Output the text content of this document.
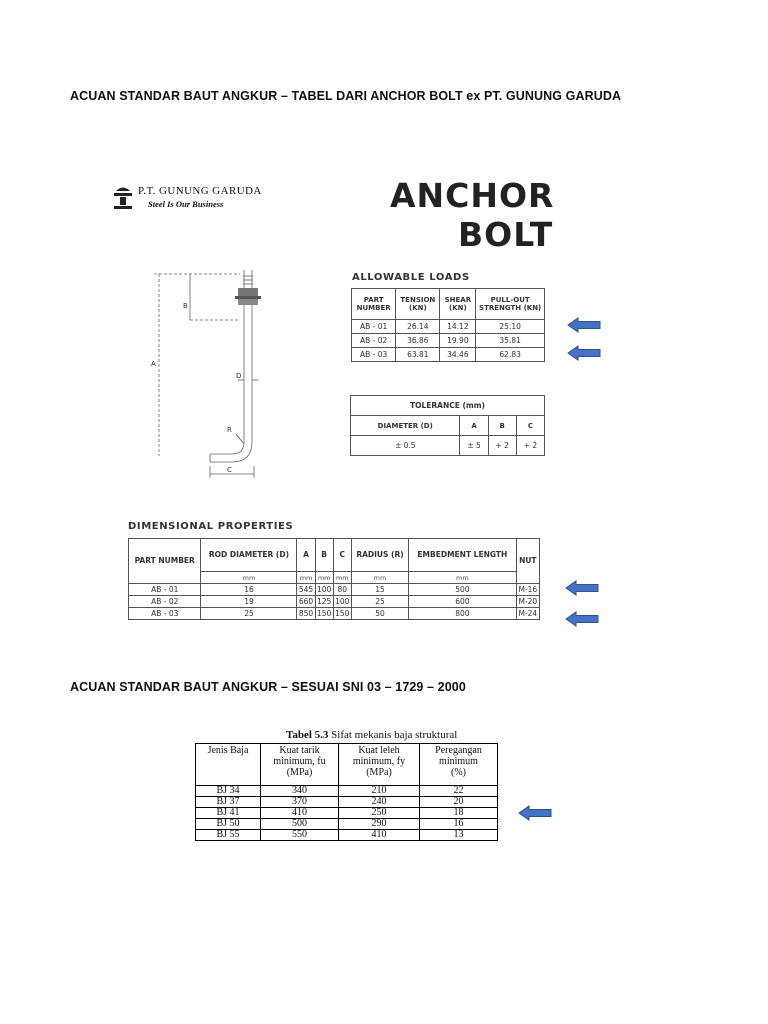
ACUAN STANDAR BAUT ANGKUR – TABEL DARI ANCHOR BOLT ex PT. GUNUNG GARUDA
P.T. GUNUNG GARUDA
Steel Is Our Business	ANCHOR
BOLT
A
B
C
D
R
ALLOWABLE LOADS
PART NUMBER	TENSION (KN)	SHEAR (KN)	PULL-OUT STRENGTH (KN)
AB - 01	26.14	14.12	25.10
AB - 02	36.86	19.90	35.81
AB - 03	63.81	34.46	62.83
TOLERANCE (mm)			
DIAMETER (D)	A	B	C
± 0.5	± 5	+ 2	+ 2
DIMENSIONAL PROPERTIES
PART NUMBER	ROD DIAMETER (D)	A	B	C	RADIUS (R)	EMBEDMENT LENGTH	NUT
	mm	mm	mm	mm	mm	mm	
AB - 01	16	545	100	80	15	500	M-16
AB - 02	19	660	125	100	25	600	M-20
AB - 03	25	850	150	150	50	800	M-24
ACUAN STANDAR BAUT ANGKUR – SESUAI SNI 03 – 1729 – 2000
Tabel 5.3 Sifat mekanis baja struktural
Jenis Baja	Kuat tarik
minimum, fu
(MPa)	Kuat leleh
minimum, fy
(MPa)	Peregangan
minimum
(%)
BJ 34	340	210	22
BJ 37	370	240	20
BJ 41	410	250	18
BJ 50	500	290	16
BJ 55	550	410	13
